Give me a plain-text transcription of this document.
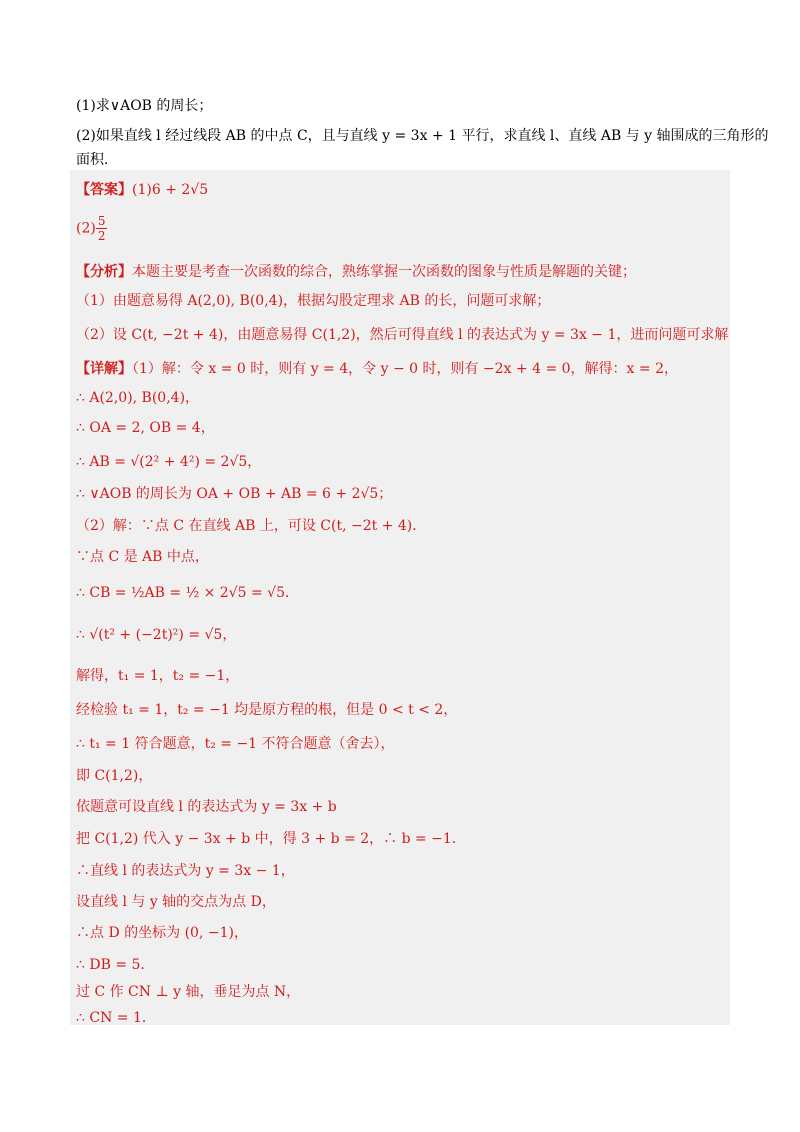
(1)求∨AOB 的周长；
(2)如果直线 l 经过线段 AB 的中点 C，且与直线 y = 3x + 1 平行，求直线 l、直线 AB 与 y 轴围成的三角形的
面积．
【答案】(1)6 + 2√5
$(2) \frac{5}{2}$
【分析】本题主要是考查一次函数的综合，熟练掌握一次函数的图象与性质是解题的关键；
（1）由题意易得 A(2,0), B(0,4)，根据勾股定理求 AB 的长，问题可求解；
（2）设 C(t, −2t + 4)，由题意易得 C(1,2)，然后可得直线 l 的表达式为 y = 3x − 1，进而问题可求解
【详解】（1）解：令 x = 0 时，则有 y = 4，令 y − 0 时，则有 −2x + 4 = 0，解得：x = 2，
∴ A(2,0), B(0,4)，
∴ OA = 2, OB = 4，
∴ AB = √(2² + 4²) = 2√5，
∴ ∨AOB 的周长为 OA + OB + AB = 6 + 2√5；
（2）解：∵点 C 在直线 AB 上，可设 C(t, −2t + 4)．
∵点 C 是 AB 中点，
∴ CB = ½AB = ½ × 2√5 = √5．
∴ √(t² + (−2t)²) = √5，
解得，t₁ = 1，t₂ = −1，
经检验 t₁ = 1，t₂ = −1 均是原方程的根，但是 0 < t < 2，
∴ t₁ = 1 符合题意，t₂ = −1 不符合题意（舍去），
即 C(1,2)，
依题意可设直线 l 的表达式为 y = 3x + b
把 C(1,2) 代入 y − 3x + b 中，得 3 + b = 2，∴ b = −1．
∴直线 l 的表达式为 y = 3x − 1，
设直线 l 与 y 轴的交点为点 D，
∴点 D 的坐标为 (0, −1)，
∴ DB = 5．
过 C 作 CN ⊥ y 轴，垂足为点 N，
∴ CN = 1．
